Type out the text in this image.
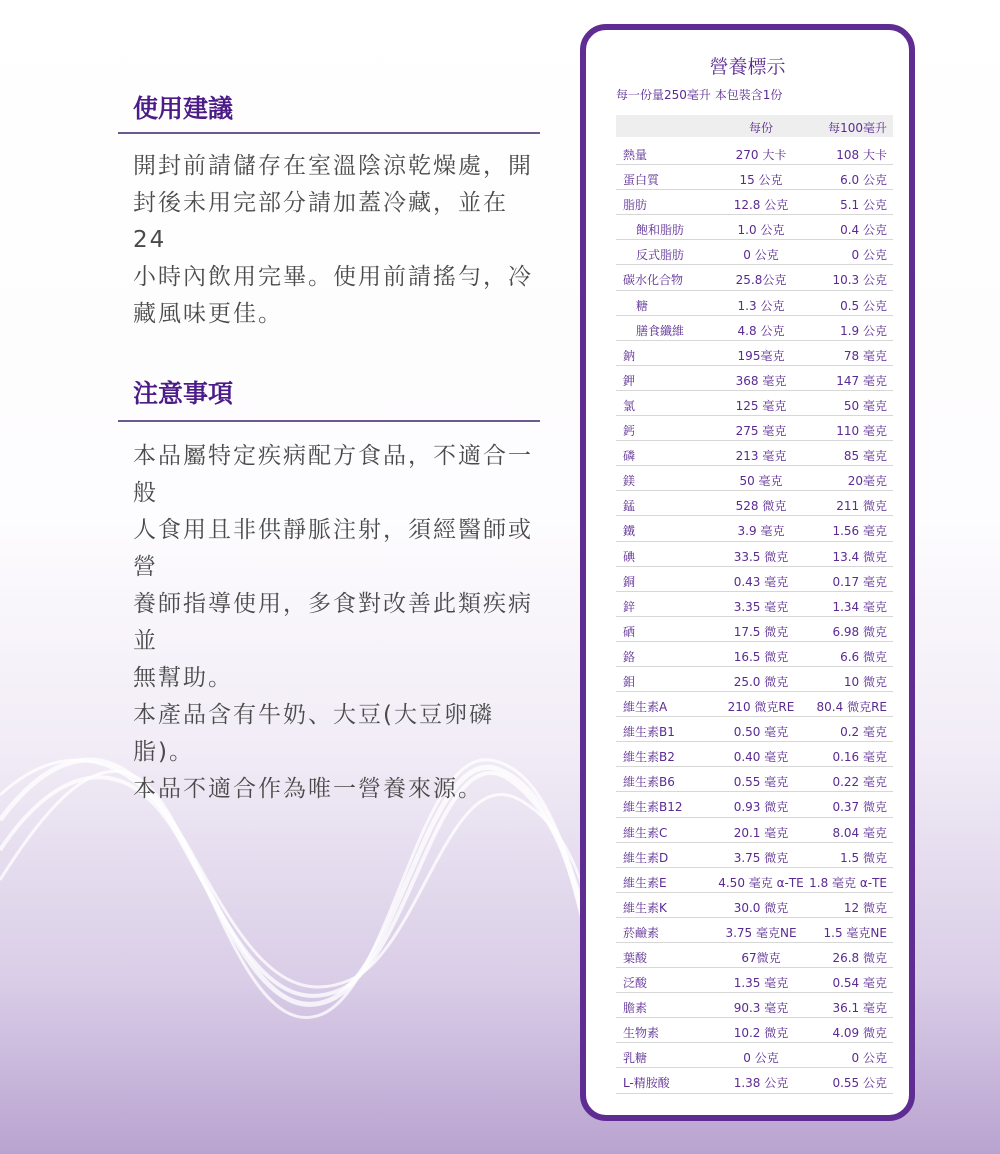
使用建議

開封前請儲存在室溫陰涼乾燥處，開

封後未用完部分請加蓋冷藏，並在24

小時內飲用完畢。使用前請搖勻，冷

藏風味更佳。

注意事項

本品屬特定疾病配方食品，不適合一般

人食用且非供靜脈注射，須經醫師或營

養師指導使用，多食對改善此類疾病並

無幫助。

本產品含有牛奶、大豆(大豆卵磷脂)。

本品不適合作為唯一營養來源。

營養標示
每一份量250毫升 本包裝含1份
每份	每100毫升
熱量	270 大卡	108 大卡
蛋白質	15 公克	6.0 公克
脂肪	12.8 公克	5.1 公克
飽和脂肪	1.0 公克	0.4 公克
反式脂肪	0 公克	0 公克
碳水化合物	25.8公克	10.3 公克
糖	1.3 公克	0.5 公克
膳食纖維	4.8 公克	1.9 公克
鈉	195毫克	78 毫克
鉀	368 毫克	147 毫克
氯	125 毫克	50 毫克
鈣	275 毫克	110 毫克
磷	213 毫克	85 毫克
鎂	50 毫克	20毫克
錳	528 微克	211 微克
鐵	3.9 毫克	1.56 毫克
碘	33.5 微克	13.4 微克
銅	0.43 毫克	0.17 毫克
鋅	3.35 毫克	1.34 毫克
硒	17.5 微克	6.98 微克
鉻	16.5 微克	6.6 微克
鉬	25.0 微克	10 微克
維生素A	210 微克RE	80.4 微克RE
維生素B1	0.50 毫克	0.2 毫克
維生素B2	0.40 毫克	0.16 毫克
維生素B6	0.55 毫克	0.22 毫克
維生素B12	0.93 微克	0.37 微克
維生素C	20.1 毫克	8.04 毫克
維生素D	3.75 微克	1.5 微克
維生素E	4.50 毫克 α-TE 1.8 毫克 α-TE
維生素K	30.0 微克	12 微克
菸鹼素	3.75 毫克NE	1.5 毫克NE
葉酸	67微克	26.8 微克
泛酸	1.35 毫克	0.54 毫克
膽素	90.3 毫克	36.1 毫克
生物素	10.2 微克	4.09 微克
乳糖	0 公克	0 公克
L-精胺酸	1.38 公克	0.55 公克
